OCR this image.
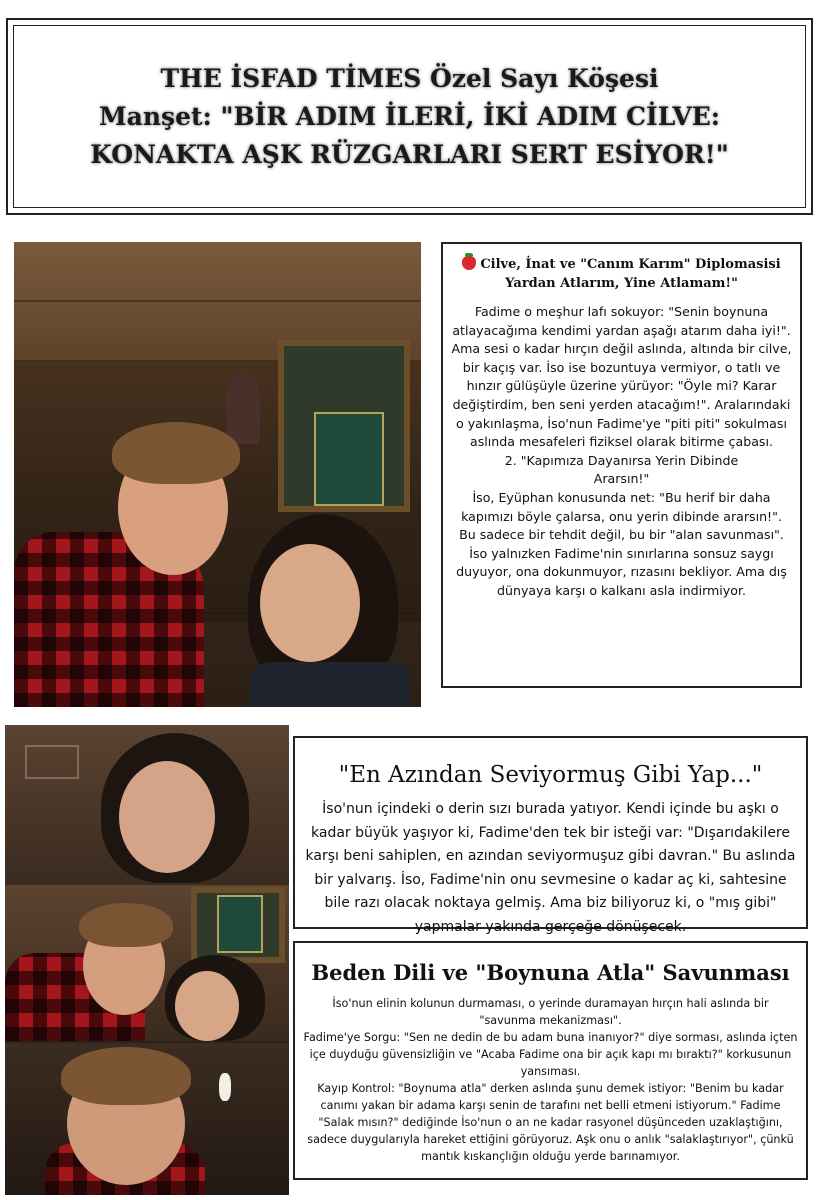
THE İSFAD TİMES Özel Sayı Köşesi
Manşet: "BİR ADIM İLERİ, İKİ ADIM CİLVE:
KONAKTA AŞK RÜZGARLARI SERT ESİYOR!"
Cilve, İnat ve "Canım Karım" Diplomasisi
Yardan Atlarım, Yine Atlamam!"
Fadime o meşhur lafı sokuyor: "Senin boynuna atlayacağıma kendimi yardan aşağı atarım daha iyi!". Ama sesi o kadar hırçın değil aslında, altında bir cilve, bir kaçış var. İso ise bozuntuya vermiyor, o tatlı ve hınzır gülüşüyle üzerine yürüyor: "Öyle mi? Karar değiştirdim, ben seni yerden atacağım!". Aralarındaki o yakınlaşma, İso'nun Fadime'ye "piti piti" sokulması aslında mesafeleri fiziksel olarak bitirme çabası.
2. "Kapımıza Dayanırsa Yerin Dibinde
Ararsın!"
İso, Eyüphan konusunda net: "Bu herif bir daha kapımızı böyle çalarsa, onu yerin dibinde ararsın!". Bu sadece bir tehdit değil, bu bir "alan savunması". İso yalnızken Fadime'nin sınırlarına sonsuz saygı duyuyor, ona dokunmuyor, rızasını bekliyor. Ama dış dünyaya karşı o kalkanı asla indirmiyor.
"En Azından Seviyormuş Gibi Yap..."
İso'nun içindeki o derin sızı burada yatıyor. Kendi içinde bu aşkı o kadar büyük yaşıyor ki, Fadime'den tek bir isteği var: "Dışarıdakilere karşı beni sahiplen, en azından seviyormuşuz gibi davran." Bu aslında bir yalvarış. İso, Fadime'nin onu sevmesine o kadar aç ki, sahtesine bile razı olacak noktaya gelmiş. Ama biz biliyoruz ki, o "mış gibi" yapmalar yakında gerçeğe dönüşecek.
Beden Dili ve "Boynuna Atla" Savunması
İso'nun elinin kolunun durmaması, o yerinde duramayan hırçın hali aslında bir "savunma mekanizması".
Fadime'ye Sorgu: "Sen ne dedin de bu adam buna inanıyor?" diye sorması, aslında içten içe duyduğu güvensizliğin ve "Acaba Fadime ona bir açık kapı mı bıraktı?" korkusunun yansıması.
Kayıp Kontrol: "Boynuma atla" derken aslında şunu demek istiyor: "Benim bu kadar canımı yakan bir adama karşı senin de tarafını net belli etmeni istiyorum." Fadime "Salak mısın?" dediğinde İso'nun o an ne kadar rasyonel düşünceden uzaklaştığını, sadece duygularıyla hareket ettiğini görüyoruz. Aşk onu o anlık "salaklaştırıyor", çünkü mantık kıskançlığın olduğu yerde barınamıyor.
